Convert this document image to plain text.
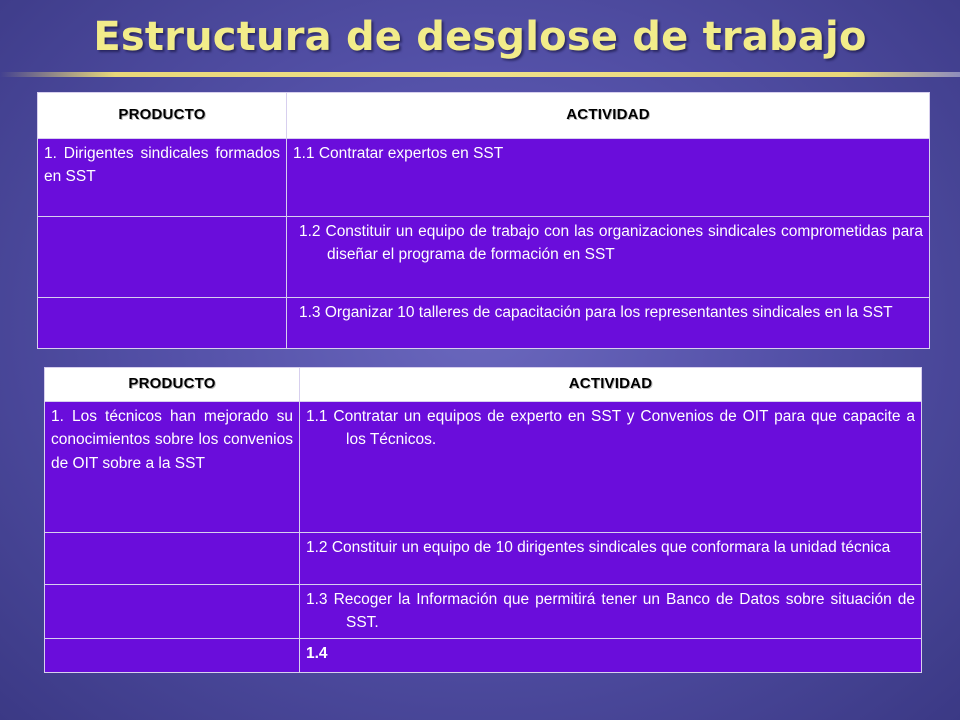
Estructura de desglose de trabajo
PRODUCTO	ACTIVIDAD
1. Dirigentes sindicales formados en SST	1.1 Contratar expertos en SST

	1.2 Constituir un equipo de trabajo con las organizaciones sindicales comprometidas para diseñar el programa de formación en SST

	1.3 Organizar 10 talleres de capacitación para los representantes sindicales en la SST
PRODUCTO	ACTIVIDAD
1. Los técnicos han mejorado su conocimientos sobre los convenios de OIT sobre a la SST	1.1 Contratar un equipos de experto en SST y Convenios de OIT para que capacite a los Técnicos.

	1.2 Constituir un equipo de 10 dirigentes sindicales que conformara la unidad técnica

	1.3 Recoger la Información que permitirá tener un Banco de Datos sobre situación de SST.

	1.4
